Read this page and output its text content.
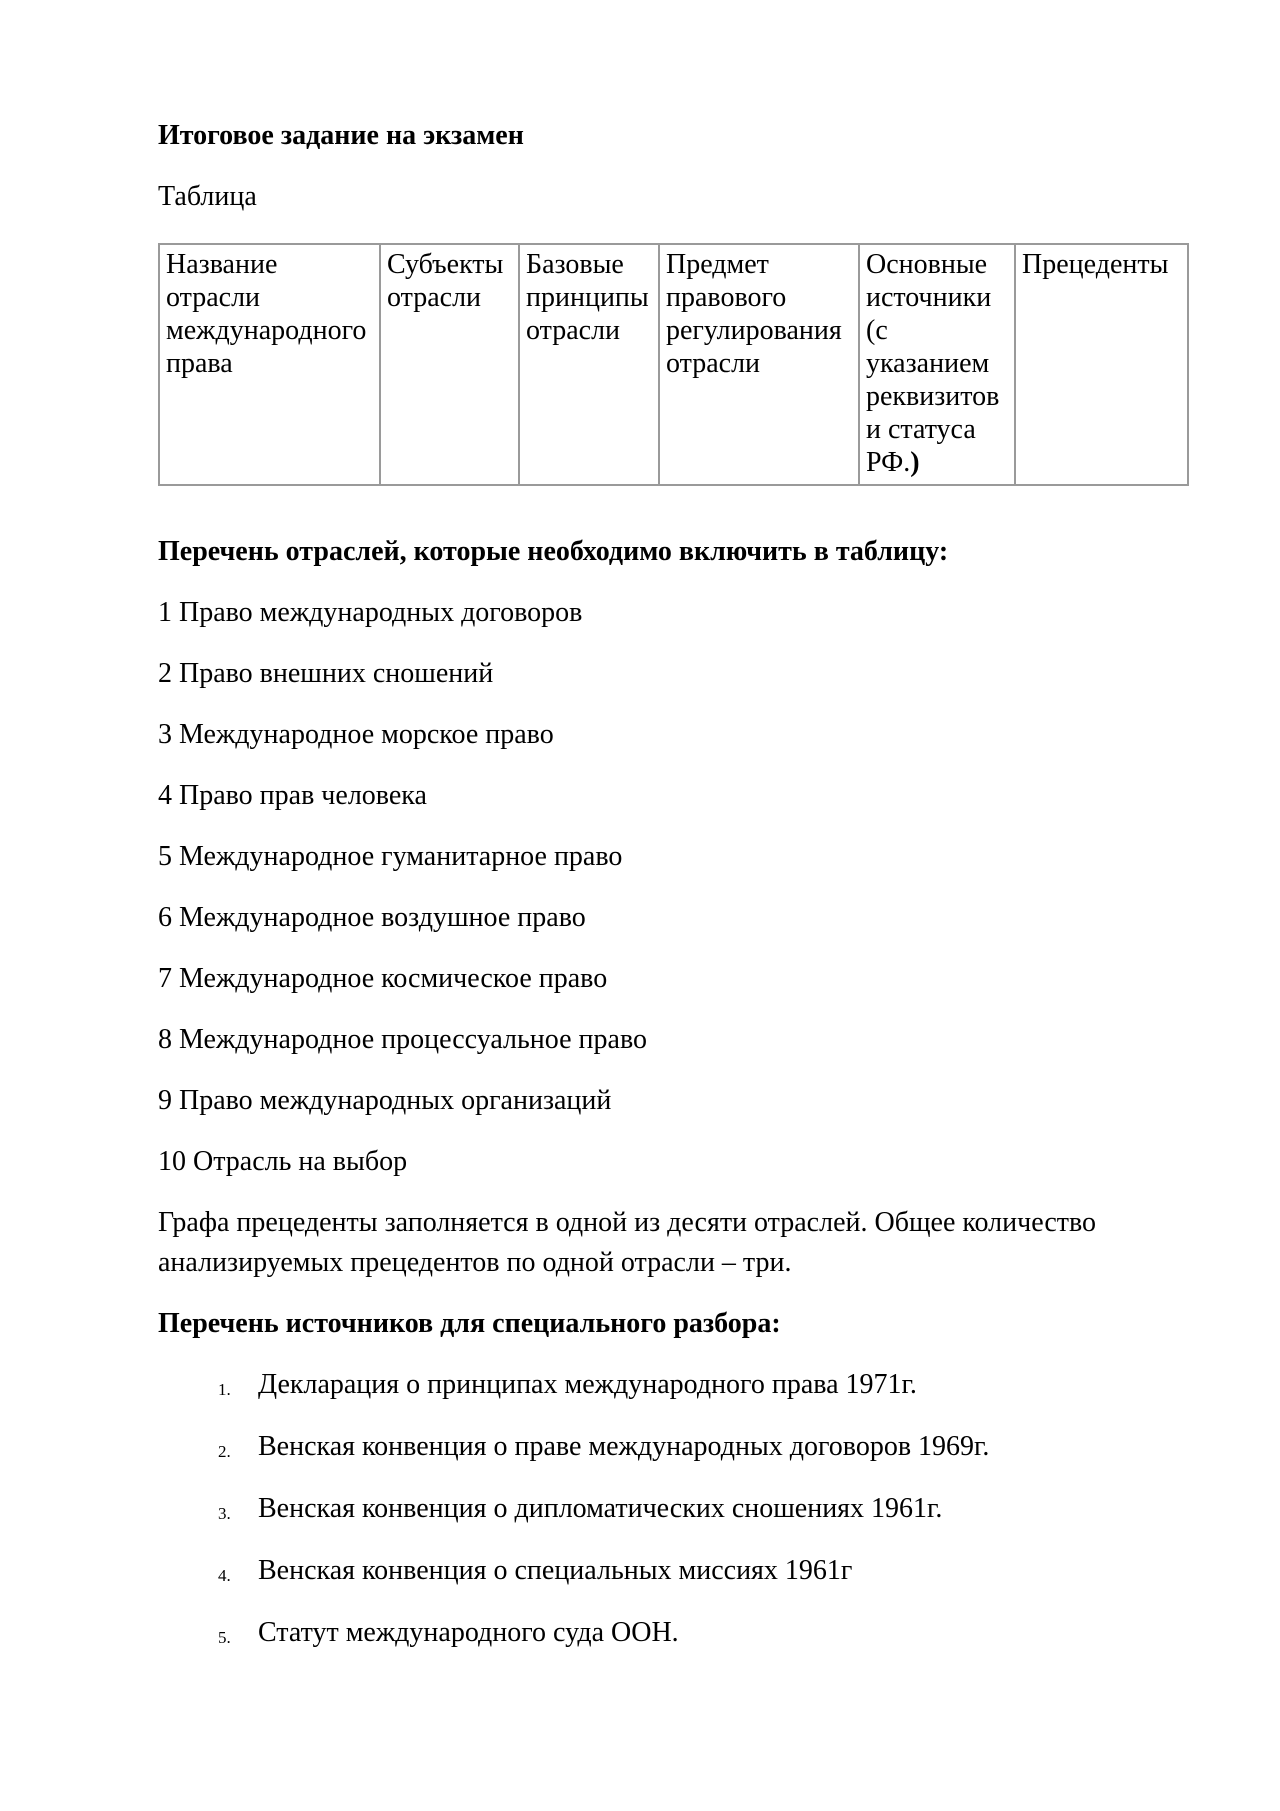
Итоговое задание на экзамен

Таблица

Название отрасли международного права	Субъекты отрасли	Базовые принципы отрасли	Предмет правового регулирования отрасли	Основные источники (с указанием реквизитов и статуса РФ.)	Прецеденты
Перечень отраслей, которые необходимо включить в таблицу:

1 Право международных договоров

2 Право внешних сношений

3 Международное морское право

4 Право прав человека

5 Международное гуманитарное право

6 Международное воздушное право

7 Международное космическое право

8 Международное процессуальное право

9 Право международных организаций

10 Отрасль на выбор

Графа прецеденты заполняется в одной из десяти отраслей. Общее количество анализируемых прецедентов по одной отрасли – три.

Перечень источников для специального разбора:
1. Декларация о принципах международного права 1971г.
2. Венская конвенция о праве международных договоров 1969г.
3. Венская конвенция о дипломатических сношениях 1961г.
4. Венская конвенция о специальных миссиях 1961г
5. Статут международного суда ООН.
